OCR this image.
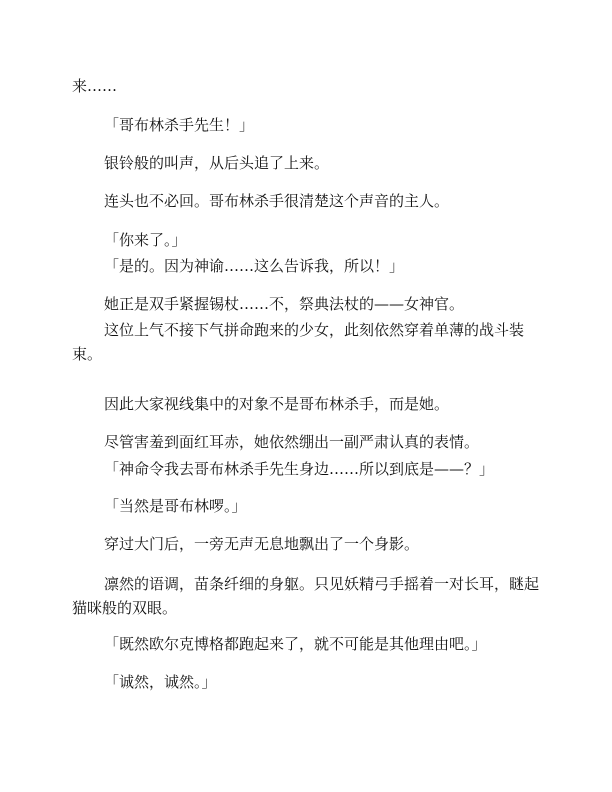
来……

「哥布林杀手先生！」

银铃般的叫声，从后头追了上来。

连头也不必回。哥布林杀手很清楚这个声音的主人。

「你来了。」

「是的。因为神谕……这么告诉我，所以！」

她正是双手紧握锡杖……不，祭典法杖的——女神官。

这位上气不接下气拼命跑来的少女，此刻依然穿着单薄的战斗装束。

因此大家视线集中的对象不是哥布林杀手，而是她。

尽管害羞到面红耳赤，她依然绷出一副严肃认真的表情。

「神命令我去哥布林杀手先生身边……所以到底是——？」

「当然是哥布林啰。」

穿过大门后，一旁无声无息地飘出了一个身影。

凛然的语调，苗条纤细的身躯。只见妖精弓手摇着一对长耳，瞇起猫咪般的双眼。

「既然欧尔克博格都跑起来了，就不可能是其他理由吧。」

「诚然，诚然。」
